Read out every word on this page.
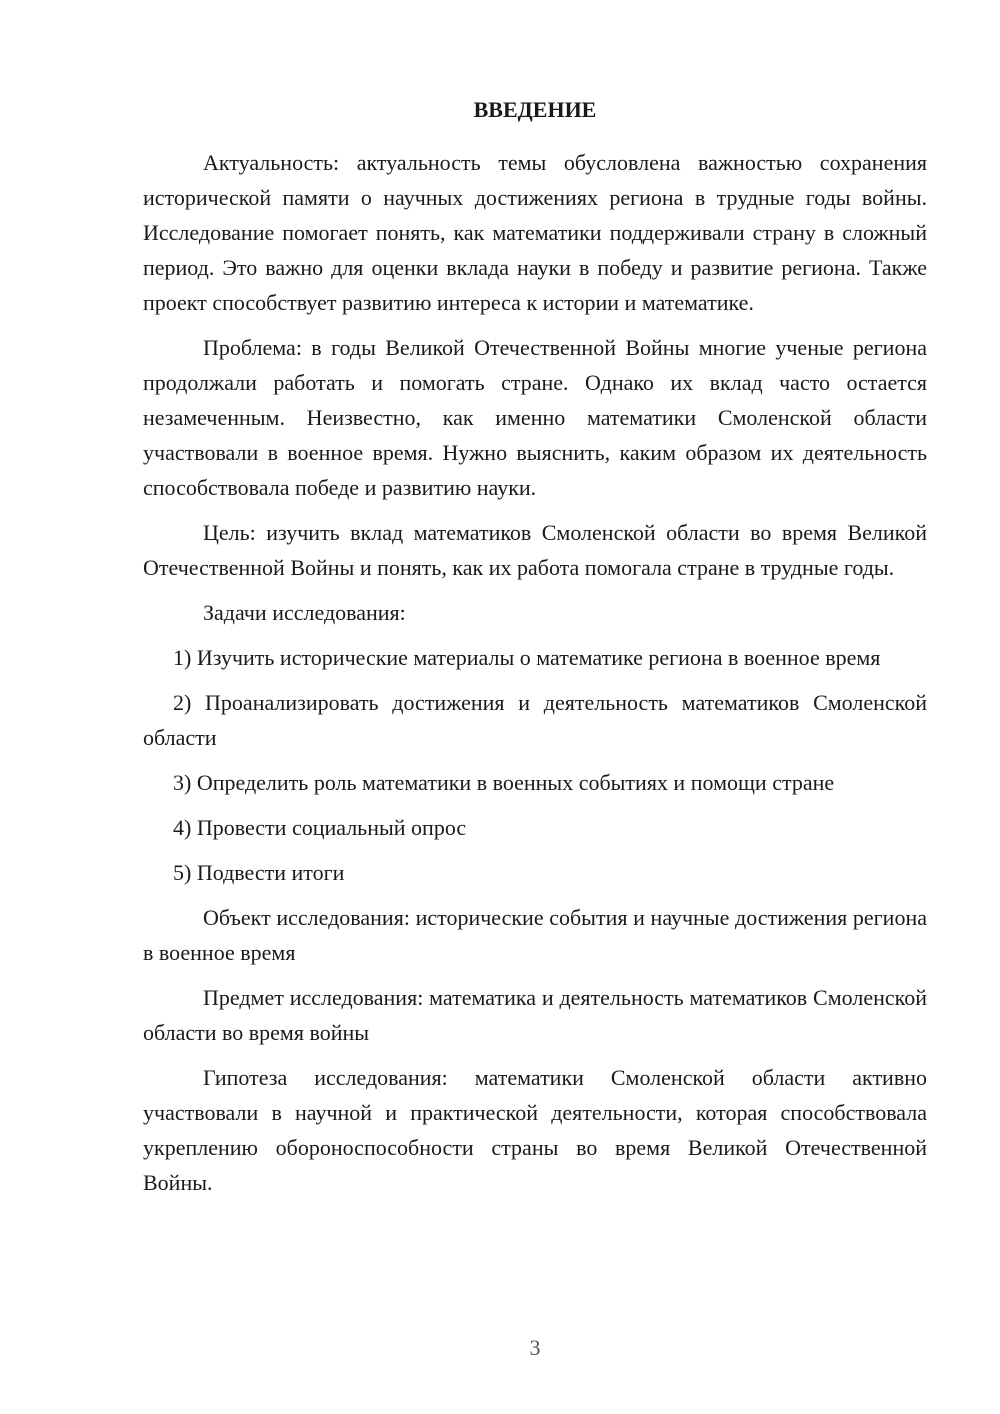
ВВЕДЕНИЕ

Актуальность: актуальность темы обусловлена важностью сохранения исторической памяти о научных достижениях региона в трудные годы войны. Исследование помогает понять, как математики поддерживали страну в сложный период. Это важно для оценки вклада науки в победу и развитие региона. Также проект способствует развитию интереса к истории и математике.

Проблема: в годы Великой Отечественной Войны многие ученые региона продолжали работать и помогать стране. Однако их вклад часто остается незамеченным. Неизвестно, как именно математики Смоленской области участвовали в военное время. Нужно выяснить, каким образом их деятельность способствовала победе и развитию науки.

Цель: изучить вклад математиков Смоленской области во время Великой Отечественной Войны и понять, как их работа помогала стране в трудные годы.

Задачи исследования:

1) Изучить исторические материалы о математике региона в военное время

2) Проанализировать достижения и деятельность математиков Смоленской области

3) Определить роль математики в военных событиях и помощи стране

4) Провести социальный опрос

5) Подвести итоги

Объект исследования: исторические события и научные достижения региона в военное время

Предмет исследования: математика и деятельность математиков Смоленской области во время войны

Гипотеза исследования: математики Смоленской области активно участвовали в научной и практической деятельности, которая способствовала укреплению обороноспособности страны во время Великой Отечественной Войны.

3
